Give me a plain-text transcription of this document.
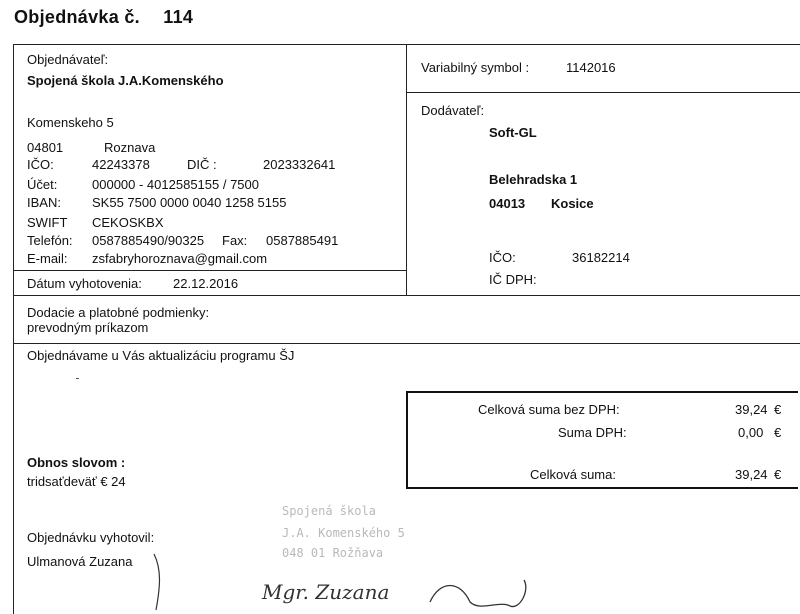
Objednávka č. 114
Objednávateľ:
Spojená škola J.A.Komenského
Komenskeho 5
04801	Roznava
IČO:	42243378	DIČ :	2023332641
Účet:	000000 - 4012585155 / 7500
IBAN: SK55 7500 0000 0040 1258 5155
SWIFT CEKOSKBX
Telefón: 0587885490/90325 Fax: 0587885491
E-mail: zsfabryhoroznava@gmail.com
Dátum vyhotovenia: 22.12.2016
Variabilný symbol :	1142016
Dodávateľ:
Soft-GL
Belehradska 1
04013 Kosice
IČO:	36182214
IČ DPH:
Dodacie a platobné podmienky:
prevodným príkazom
Objednávame u Vás aktualizáciu programu ŠJ
Celková suma bez DPH:	39,24 €
Suma DPH:	0,00 €
Celková suma:	39,24 €
Obnos slovom :
tridsaťdeväť € 24
Objednávku vyhotovil:
Ulmanová Zuzana
Spojená škola
J.A. Komenského 5
048 01 Rožňava
Mgr. Zuzana
